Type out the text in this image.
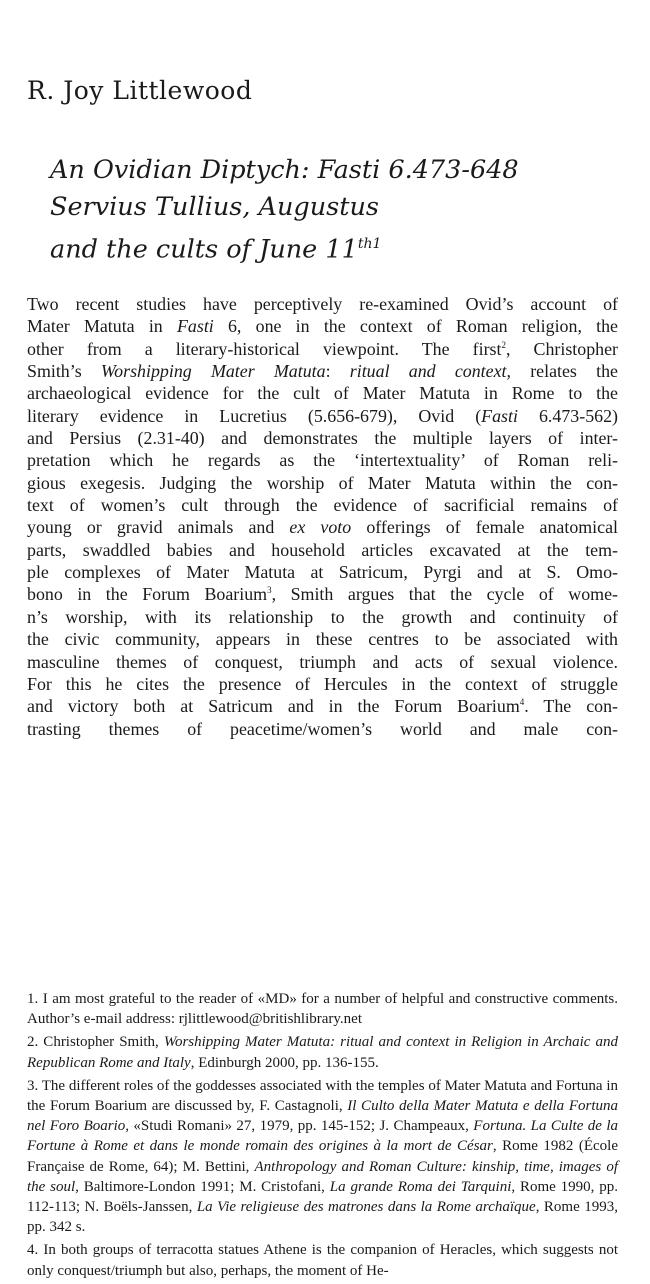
R. Joy Littlewood
An Ovidian Diptych: Fasti 6.473-648
Servius Tullius, Augustus
and the cults of June $11^{th1}$
Two recent studies have perceptively re-examined Ovid’s account of
Mater Matuta in Fasti 6, one in the context of Roman religion, the
other from a literary-historical viewpoint. The first$^2$, Christopher
Smith’s Worshipping Mater Matuta: ritual and context, relates the
archaeological evidence for the cult of Mater Matuta in Rome to the
literary evidence in Lucretius (5.656-679), Ovid (Fasti 6.473-562)
and Persius (2.31-40) and demonstrates the multiple layers of inter-
pretation which he regards as the ‘intertextuality’ of Roman reli-
gious exegesis. Judging the worship of Mater Matuta within the con-
text of women’s cult through the evidence of sacrificial remains of
young or gravid animals and ex voto offerings of female anatomical
parts, swaddled babies and household articles excavated at the tem-
ple complexes of Mater Matuta at Satricum, Pyrgi and at S. Omo-
bono in the Forum Boarium$^3$, Smith argues that the cycle of wome-
n’s worship, with its relationship to the growth and continuity of
the civic community, appears in these centres to be associated with
masculine themes of conquest, triumph and acts of sexual violence.
For this he cites the presence of Hercules in the context of struggle
and victory both at Satricum and in the Forum Boarium$^4$. The con-
trasting themes of peacetime/women’s world and male con-

1. I am most grateful to the reader of «MD» for a number of helpful and constructive comments. Author’s e-mail address: rjlittlewood@britishlibrary.net

2. Christopher Smith, Worshipping Mater Matuta: ritual and context in Religion in Archaic and Republican Rome and Italy, Edinburgh 2000, pp. 136-155.

3. The different roles of the goddesses associated with the temples of Mater Matuta and Fortuna in the Forum Boarium are discussed by, F. Castagnoli, Il Culto della Mater Matuta e della Fortuna nel Foro Boario, «Studi Romani» 27, 1979, pp. 145-152; J. Champeaux, Fortuna. La Culte de la Fortune à Rome et dans le monde romain des origines à la mort de César, Rome 1982 (École Française de Rome, 64); M. Bettini, Anthropology and Roman Culture: kinship, time, images of the soul, Baltimore-London 1991; M. Cristofani, La grande Roma dei Tarquini, Rome 1990, pp. 112-113; N. Boëls-Janssen, La Vie religieuse des matrones dans la Rome archaïque, Rome 1993, pp. 342 s.

4. In both groups of terracotta statues Athene is the companion of Heracles, which suggests not only conquest/triumph but also, perhaps, the moment of He-
